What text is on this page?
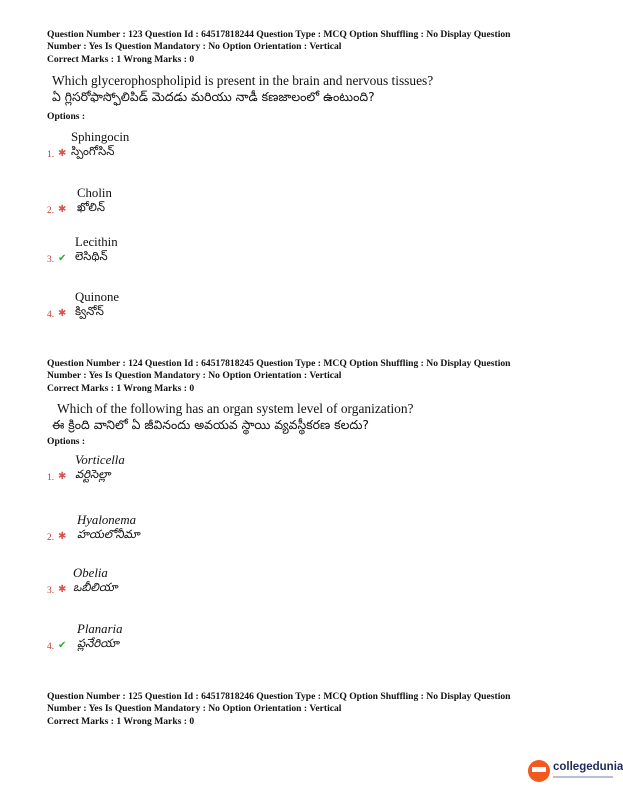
Question Number : 123 Question Id : 64517818244 Question Type : MCQ Option Shuffling : No Display Question
Number : Yes Is Question Mandatory : No Option Orientation : Vertical
Correct Marks : 1 Wrong Marks : 0
Which glycerophospholipid is present in the brain and nervous tissues?
ఏ గ్లిసరోఫాస్ఫోలిపిడ్ మెదడు మరియు నాడీ కణజాలంలో ఉంటుంది?
Options :
1. ✱
Sphingocin
స్పింగోసిన్
2. ✱
Cholin
ఖోలిన్
3. ✔
Lecithin
లెసిథిన్
4. ✱
Quinone
క్వినోన్
Question Number : 124 Question Id : 64517818245 Question Type : MCQ Option Shuffling : No Display Question
Number : Yes Is Question Mandatory : No Option Orientation : Vertical
Correct Marks : 1 Wrong Marks : 0
Which of the following has an organ system level of organization?
ఈ క్రింది వానిలో ఏ జీవినందు అవయవ స్థాయి వ్యవస్థీకరణ కలదు?
Options :
1. ✱
Vorticella
వర్టిసెల్లా
2. ✱
Hyalonema
హయలోనీమా
3. ✱
Obelia
ఒబీలియా
4. ✔
Planaria
ప్లనేరియా
Question Number : 125 Question Id : 64517818246 Question Type : MCQ Option Shuffling : No Display Question
Number : Yes Is Question Mandatory : No Option Orientation : Vertical
Correct Marks : 1 Wrong Marks : 0
collegedunia
